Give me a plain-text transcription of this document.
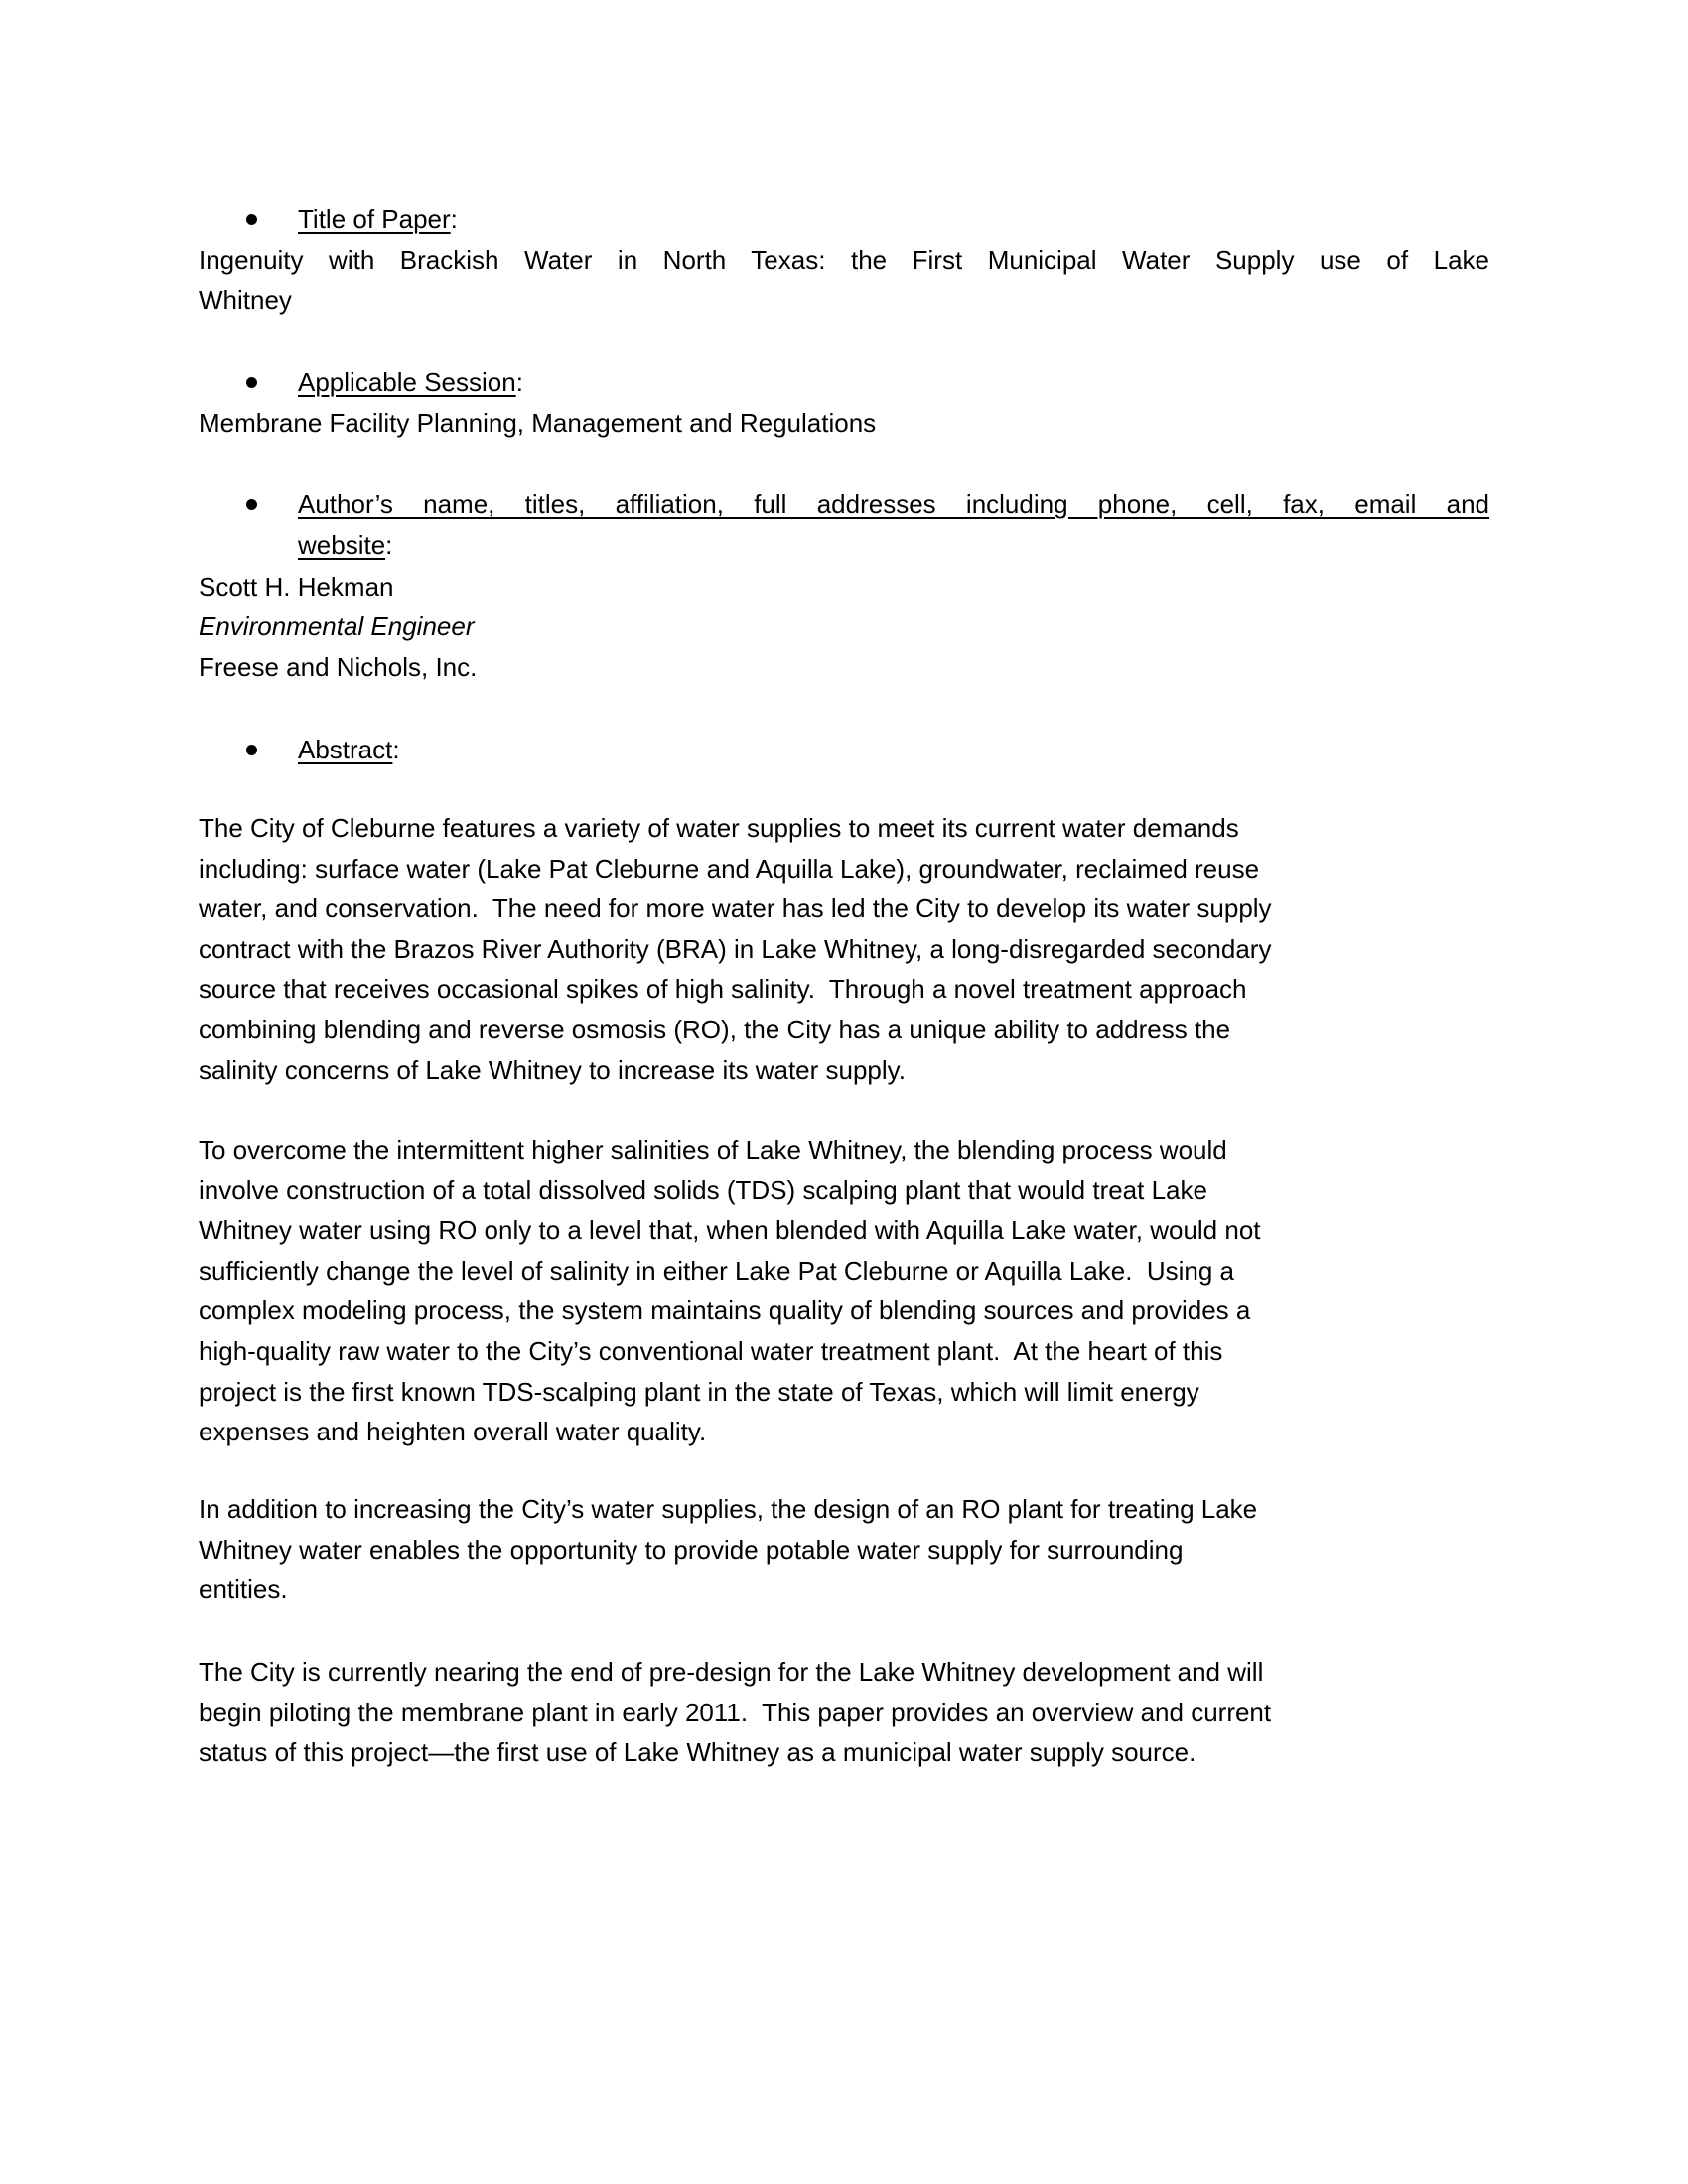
Title of Paper:
Ingenuity with Brackish Water in North Texas: the First Municipal Water Supply use of Lake
Whitney
Applicable Session:
Membrane Facility Planning, Management and Regulations
Author’s name, titles, affiliation, full addresses including phone, cell, fax, email and
website:
Scott H. Hekman
Environmental Engineer
Freese and Nichols, Inc.
Abstract:
The City of Cleburne features a variety of water supplies to meet its current water demands
including: surface water (Lake Pat Cleburne and Aquilla Lake), groundwater, reclaimed reuse
water, and conservation.  The need for more water has led the City to develop its water supply
contract with the Brazos River Authority (BRA) in Lake Whitney, a long-disregarded secondary
source that receives occasional spikes of high salinity.  Through a novel treatment approach
combining blending and reverse osmosis (RO), the City has a unique ability to address the
salinity concerns of Lake Whitney to increase its water supply.
To overcome the intermittent higher salinities of Lake Whitney, the blending process would
involve construction of a total dissolved solids (TDS) scalping plant that would treat Lake
Whitney water using RO only to a level that, when blended with Aquilla Lake water, would not
sufficiently change the level of salinity in either Lake Pat Cleburne or Aquilla Lake.  Using a
complex modeling process, the system maintains quality of blending sources and provides a
high-quality raw water to the City’s conventional water treatment plant.  At the heart of this
project is the first known TDS-scalping plant in the state of Texas, which will limit energy
expenses and heighten overall water quality.
In addition to increasing the City’s water supplies, the design of an RO plant for treating Lake
Whitney water enables the opportunity to provide potable water supply for surrounding
entities.
The City is currently nearing the end of pre-design for the Lake Whitney development and will
begin piloting the membrane plant in early 2011.  This paper provides an overview and current
status of this project—the first use of Lake Whitney as a municipal water supply source.
